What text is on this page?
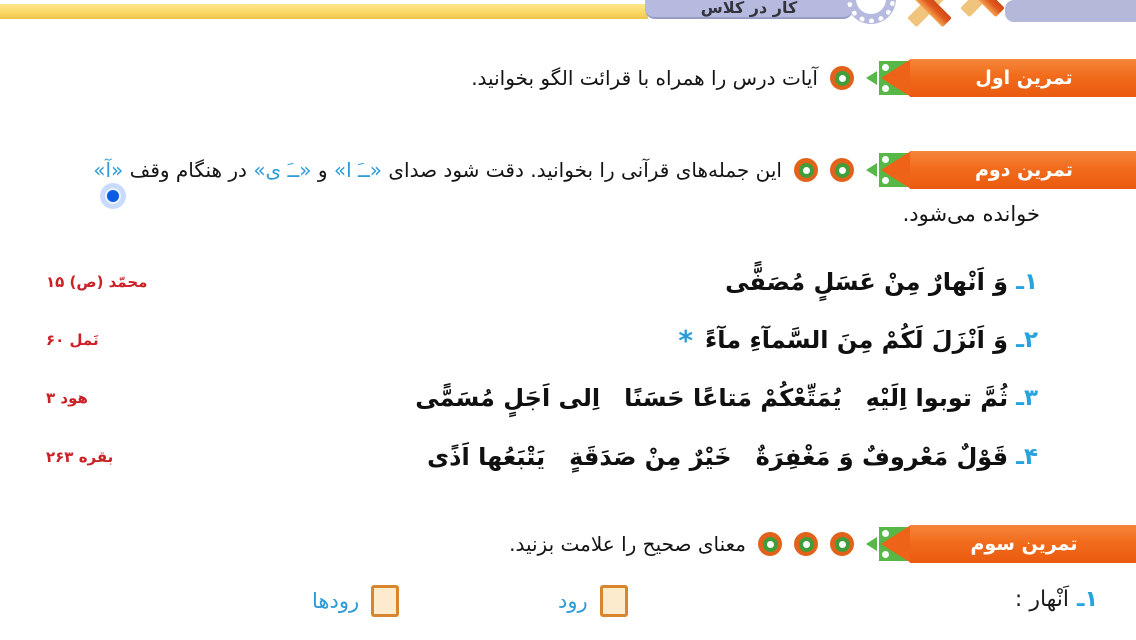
کار در کلاس
تمرین اول

آیات درس را همراه با قرائت الگو بخوانید.

تمرین دوم

این جمله‌های قرآنی را بخوانید. دقت شود صدای «ــَ ا» و «ــَ ی» در هنگام وقف «آ»

خوانده می‌شود.
۱ـ
وَ اَنْهارٌ مِنْ عَسَلٍ مُصَفًّی
محمّد (ص) ۱۵
۲ـ
وَ اَنْزَلَ لَکُمْ مِنَ السَّمآءِ مآءً
*
نَمل ۶۰
۳ـ
ثُمَّ توبوا اِلَیْهِ یُمَتِّعْکُمْ مَتاعًا حَسَنًا اِلی اَجَلٍ مُسَمًّی
هود ۳
۴ـ
قَوْلٌ مَعْروفٌ وَ مَغْفِرَةٌ خَیْرٌ مِنْ صَدَقَةٍ یَتْبَعُها اَذًی
بقره ۲۶۳
تمرین سوم

معنای صحیح را علامت بزنید.

۱ـ
اَنْهار :
رود
رودها
